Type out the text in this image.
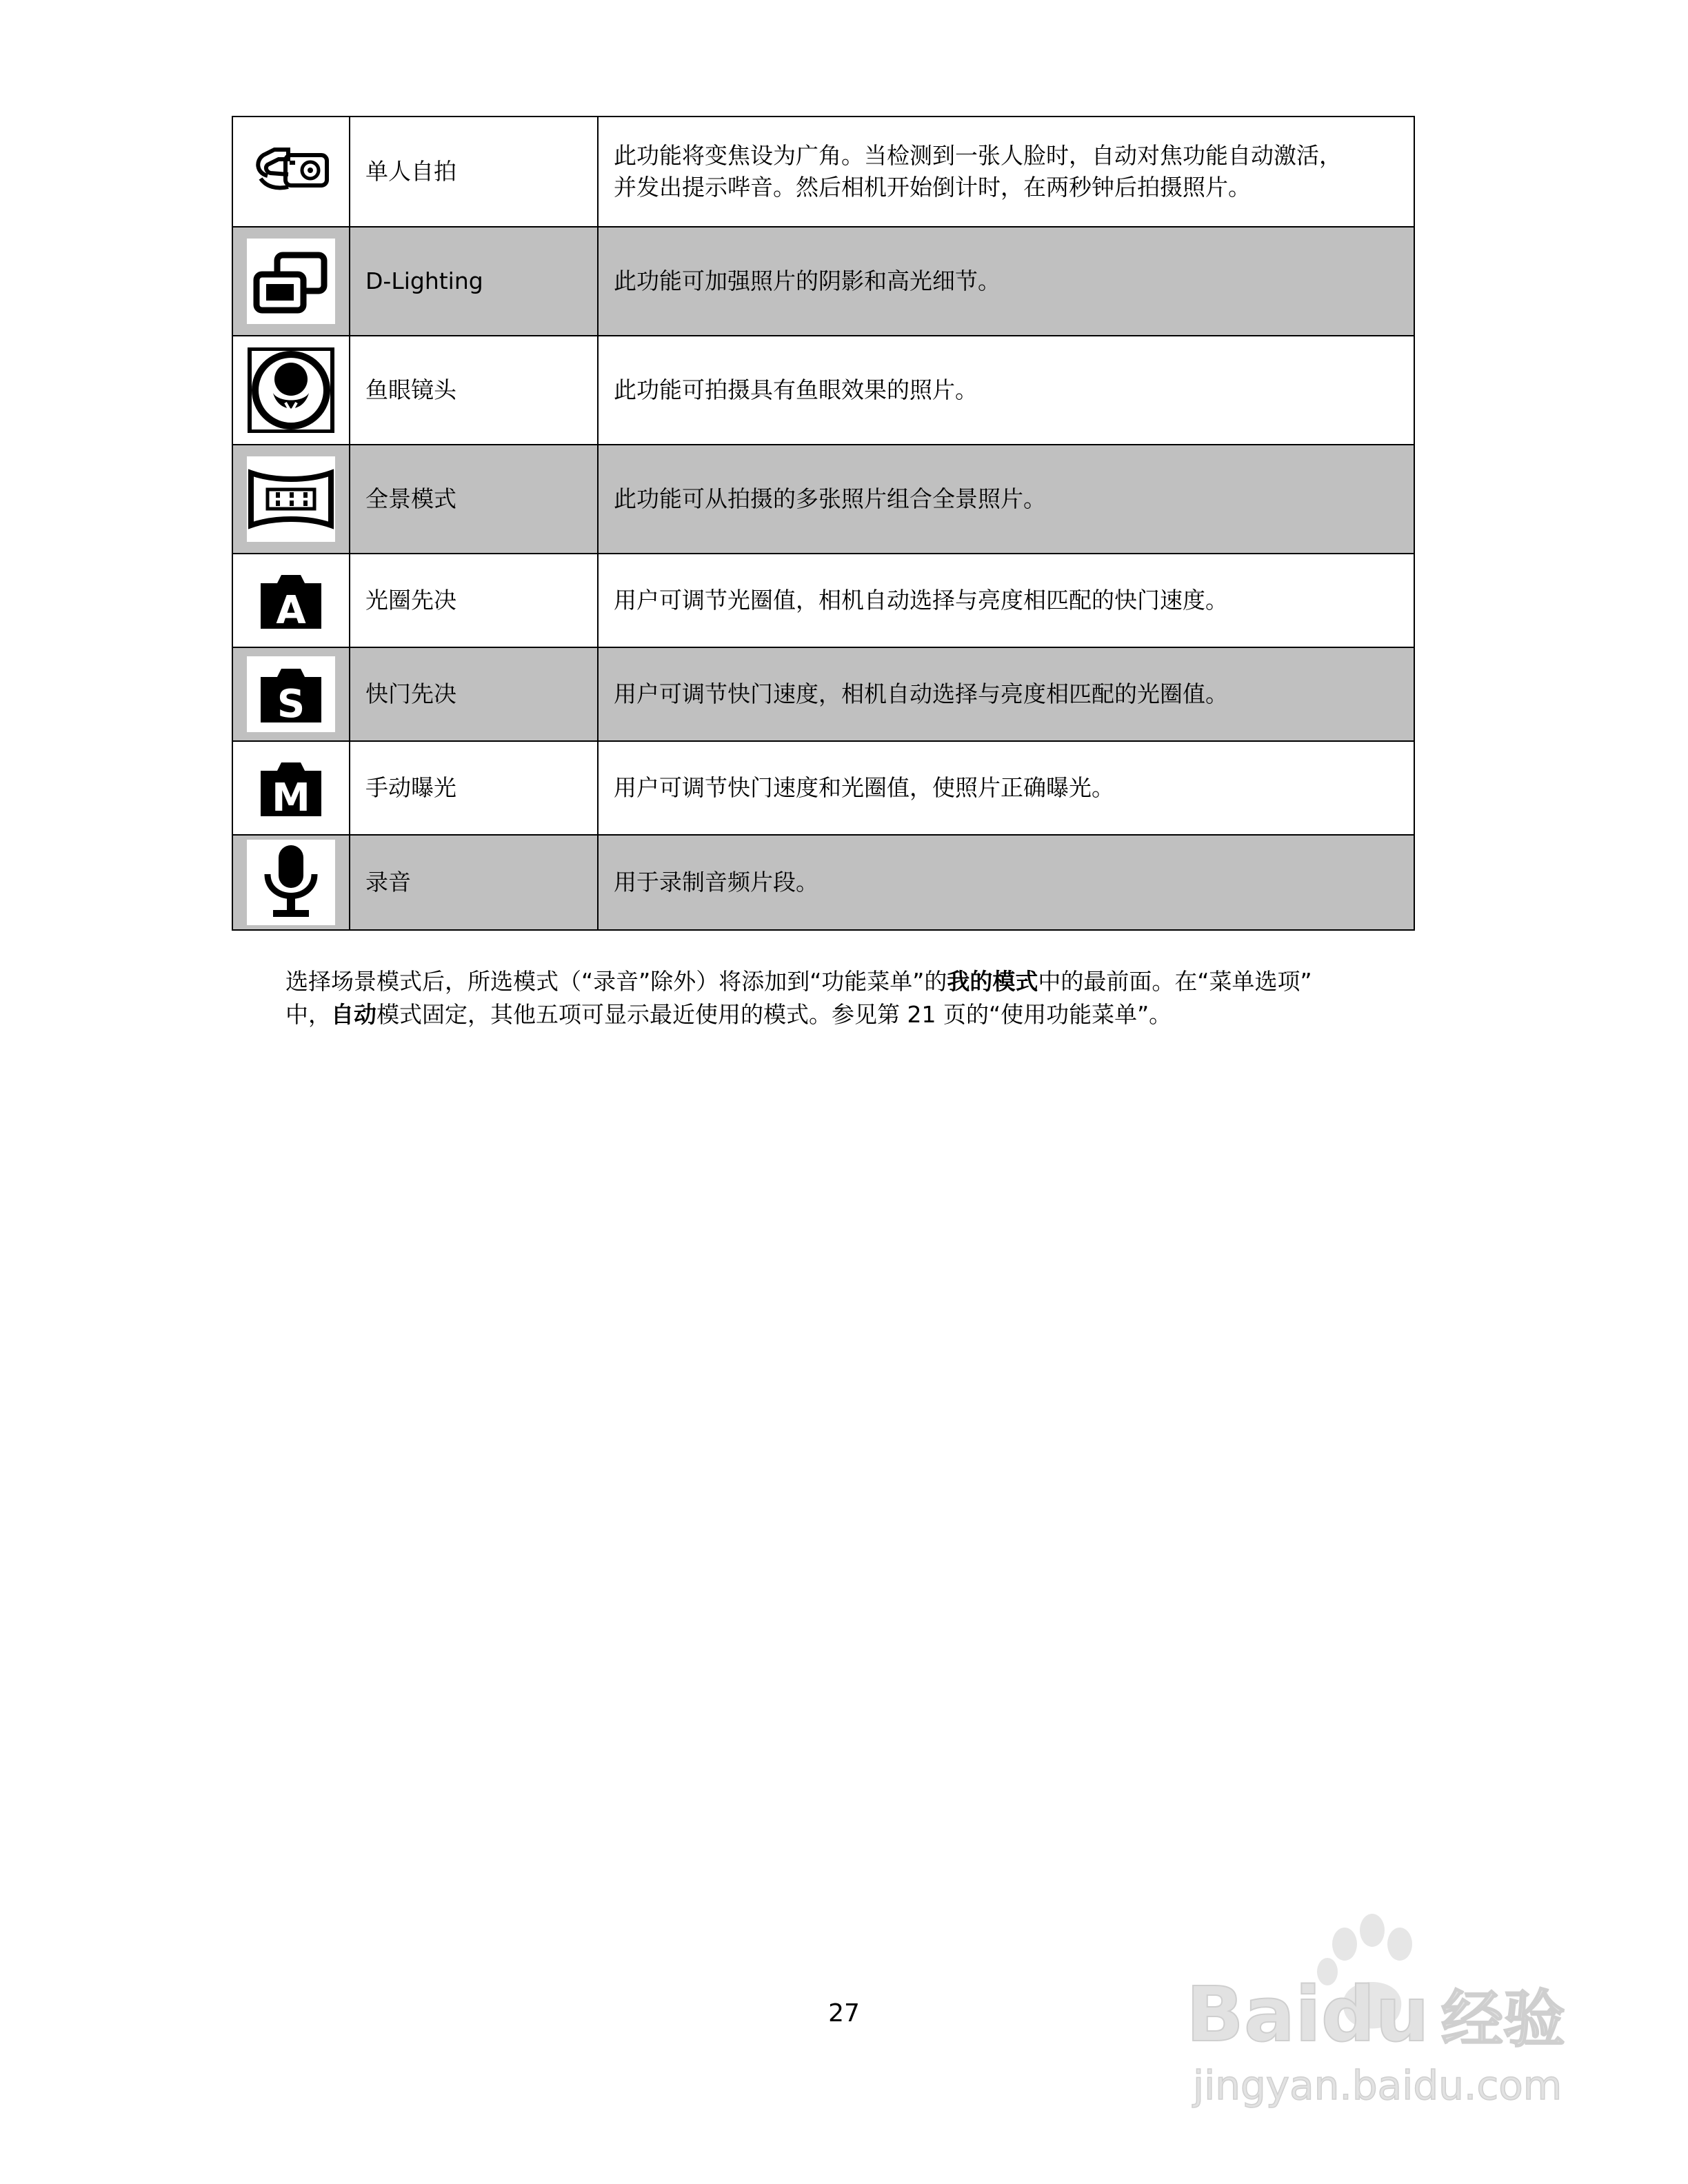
	单人自拍	此功能将变焦设为广角。当检测到一张人脸时，自动对焦功能自动激活，
并发出提示哔音。然后相机开始倒计时，在两秒钟后拍摄照片。

	D-Lighting	此功能可加强照片的阴影和高光细节。

	鱼眼镜头	此功能可拍摄具有鱼眼效果的照片。

	全景模式	此功能可从拍摄的多张照片组合全景照片。

A	光圈先决	用户可调节光圈值，相机自动选择与亮度相匹配的快门速度。

S	快门先决	用户可调节快门速度，相机自动选择与亮度相匹配的光圈值。

M	手动曝光	用户可调节快门速度和光圈值，使照片正确曝光。

	录音	用于录制音频片段。
选择场景模式后，所选模式（“录音”除外）将添加到“功能菜单”的我的模式中的最前面。在“菜单选项”
中，自动模式固定，其他五项可显示最近使用的模式。参见第 21 页的“使用功能菜单”。
27	Baidu 经验
jingyan.baidu.com
